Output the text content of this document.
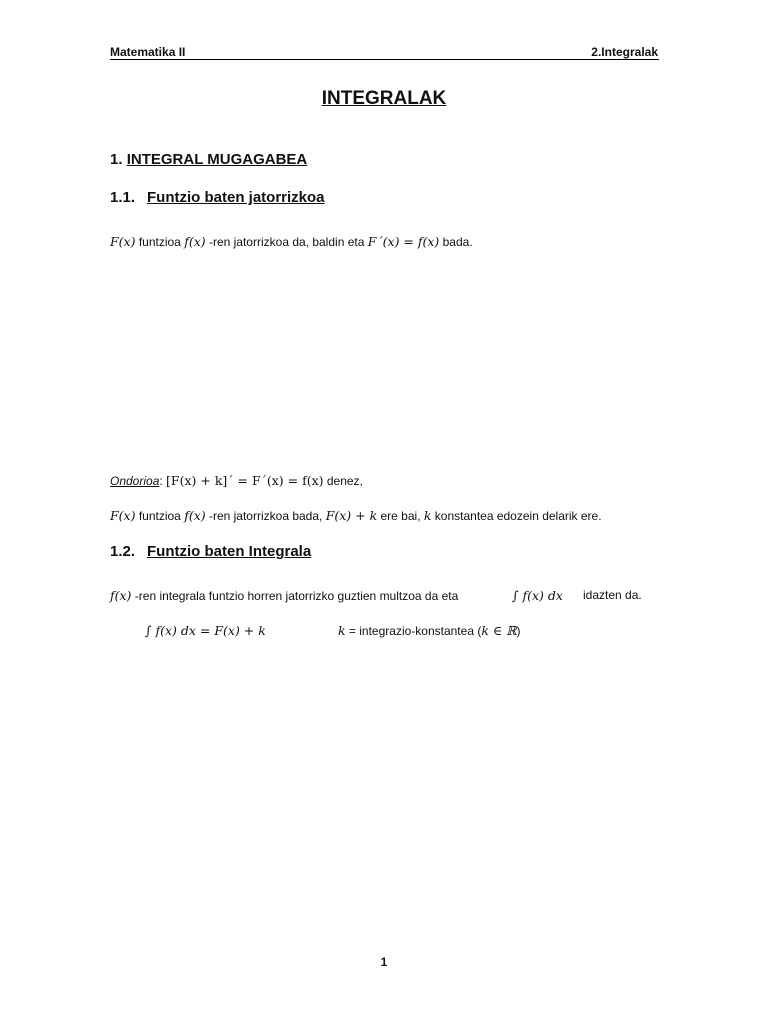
Matematika II	2.Integralak
INTEGRALAK
1. INTEGRAL MUGAGABEA
1.1. Funtzio baten jatorrizkoa
F(x) funtzioa f(x) -ren jatorrizkoa da, baldin eta F´(x) = f(x) bada.
Ondorioa: [F(x) + k]´ = F´(x) = f(x) denez,
F(x) funtzioa f(x) -ren jatorrizkoa bada, F(x) + k ere bai, k konstantea edozein delarik ere.
1.2. Funtzio baten Integrala
f(x) -ren integrala funtzio horren jatorrizko guztien multzoa da eta	∫ f(x) dx idazten da.
∫ f(x) dx = F(x) + k	k = integrazio-konstantea (k ∈ ℝ)
1
